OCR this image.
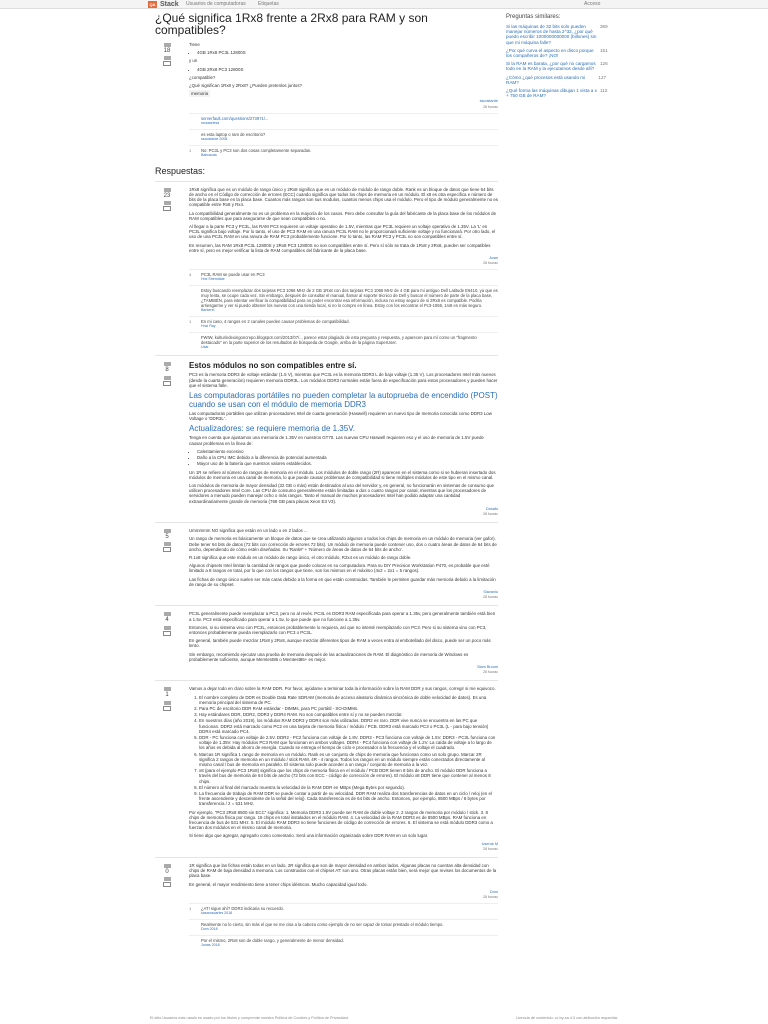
QA Stack Usuarios de computadoras Etiquetas	Acceso
¿Qué significa 1Rx8 frente a 2Rx8 para RAM y son compatibles?
18

Tiene

• 4GB 1Rx8 PC3L 12800S

y un

• 4GB 2Rx8 PC3 12800S

¿compatible?

¿Qué significan 1Rx8 y 2Rx8? ¿Pueden pretenlos juntos?

memoria

sscostarde
28 fuorac
serverfault.com/questions/273971/...
mcsacrlesa
es esta laptop o ram de escritorio?
sscostarde 2008
1 No: PC3L y PC3 son dos cosas completamente separadas.
Balruscas
Respuestas:
23

1Rx8 significa que es un módulo de rango único y 2Rx8 significa que es un módulo de módulo de rango doble. Rank es un bloque de datos que tiene 64 bits de ancho en el Código de corrección de errores (ECC) cuando significa que todos los chips de memoria en un módulo. El x8 es otra especifica e número de bits de la placa base en la placa base. Cuantos más rangos son sus modulos, cuantos menos chips usa el módulo. Pero el tipo de módulo generalmente no es compatible entre Rx8 y Rx4.

La compatibilidad generalmente no es un problema en la mayoría de los casos. Pero debe consultar la guía del fabricante de la placa base de los módulos de RAM compatibles que para asegurarse de que sean compatibles o no.

Al llegar a la parte PC3 y PC3L, las RAM PC3 requieren un voltaje operativo de 1.5V, mientras que PC3L requiere un voltaje operativo de 1.35V. La 'L' en PC3L significa bajo voltaje. Por lo tanto, el uso de PC3 RAM en una ranura PC3L RAM no le proporcionará suficiente voltaje y no funcionará. Por otro lado, el uso de una PC3L RAM en una ranura de RAM PC3 probablemente funcione. Por lo tanto, las RAM PC3 y PC3L no son compatibles entre sí.

En resumen, las RAM 1Rx8 PC3L 12800S y 2Rx8 PC3 12800S no son compatibles entre sí. Pero sí sólo se trata de 1Rx8 y 2Rx8, pueden ser compatibles entre sí, pero es mejor verificar la lista de RAM compatibles del fabricante de la placa base.

Avan
28 fuorac
4 PC3L RAM se puede usar en PC3
Hnz Shemdaie
Estoy buscando reemplazar dos tarjetas PC3 1066 MHz de 2 GB 1Rx8 con dos tarjetas PC3 1066 MHz de 4 GB para mi antiguo Dell Latitude E6410, ya que es muy tenta, se ocupe cada vez. Sin embargo, después de consultar el manual, llamar al soporte técnico de Dell y buscar el número de parte de la placa base, ¿TAMBIÉN, para intentar verificar la compatibilidad para no poder encontrar esa información, incluso no estoy seguro de si 2Rx8 es compatible. Podría arriesgarme y ver si puedo obtener los nuevos con una tienda local, si no lo compro en línea. Estoy con los encontrar el Pc3-1066, 1rx8 es más seguro.
Barkerel
1 En mi caso, 4 rangos en 2 canales pueden causar problemas de compatibilidad.
Hnzi Ray
FWIW, kulturindexingoncrepo.blogspot.com/2013/07/... parece estar plagiado de esta pregunta y respuesta, y aparecen para mí como un "fragmento destacado" en la parte superior de los resultados de búsqueda de Google, arriba de la página SuperUser.
Usar
8	Estos módulos no son compatibles entre sí.

PC3 es la memoria DDR3 de voltaje estándar (1.5 V), mientras que PC3L es la memoria DDR3 L de bajo voltaje (1.35 V). Los procesadores Intel más nuevos (desde la cuarta generación) requieren memoria DDR3L. Los módulos DDR3 normales están fuera de especificación para estos procesadores y pueden hacer que el sistema falle.

Las computadoras portátiles no pueden completar la autoprueba de encendido (POST) cuando se usan con el módulo de memoria DDR3

Las computadoras portátiles que utilizan procesadores Intel de cuarta generación (Haswell) requieren un nuevo tipo de memoria conocida como DDR3 Low Voltage o 'DDR3L'.

Actualizadores: se requiere memoria de 1.35V.

Tenga en cuenta que ajustamos una memoria de 1.35V en nuestros GT70. Las nuevas CPU Haswell requieren eso y el uso de memoria de 1.5V puede causar problemas en la línea de:

• Calentamiento excesivo
• Daño a la CPU IMC debido a la diferencia de potencial aumentada
• Mayor uso de la batería que nuestros valores establecidos.

Un 1R se refiere al número de rangos de memoria en el módulo. Los módulos de doble rango (2R) aparecen en el sistema como si se hubieran insertado dos módulos de memoria en una canal de memoria, lo que puede causar problemas de compatibilidad si tiene múltiples módulos de este tipo en el mismo canal.

Los módulos de memoria de mayor densidad (32 GB o más) están destinados al uso del servidor y, en general, no funcionarán en sistemas de consumo que utilicen procesadores Intel Core. Las CPU de consumo generalmente están limitadas a dos o cuatro rangos por canal, mientras que los procesadores de servidores a menudo pueden manejar ocho o más rangos. Tanto el manual de muchos procesadores Intel han podido adaptar una cantidad extraordinariamente grande de memoria (768 GB para placas Xeon E3 V3).

Dosafu
28 fuorac
5

Ummmmm NO significa que están en un lado o en 2 lados ...

Un rango de memoria es básicamente un bloque de datos que se crea utilizando algunos o todos los chips de memoria en un módulo de memoria (ver gafor). Debe tener 64 bits de datos (72 bits con corrección de errores 72 bits). Un módulo de memoria puede contener uno, dos o cuatro áreas de datos de 64 bits de ancho, dependiendo de cómo estén diseñadas. Su 'Rank#' + 'Número de áreas de datos de 64 bits de ancho'.

R.1x8 significa que este módulo es un módulo de rango único, el otro módulo, R2x4 es un módulo de rango doble.

Algunos chipsets Intel limitan la cantidad de rangos que puede colocar en su computadora. Para su DIY Precision Workstation P470, es probable que esté limitado a 8 rangos en total, por lo que con los rangos que tiene, son los mismos en el máximo (4x2 = 2x1 = 5 rangos).

Las fichas de rango único suelen ser más caras debido a la forma en que están construidas. También le permiten guardar más memoria debido a la limitación de rango de su chipset.

Slavanlu
28 fuorac
4

PC3L generalmente puede reemplazar a PC3, pero no al revés. PC3L es DDR3 RAM especificada para operar a 1.35v, pero generalmente también está bien a 1.5v. PC3 está especificado para operar a 1.5v, lo que puede que no funcione a 1.35v.

Entonces, si su sistema vino con PC3L, entonces probablemente lo requiera, así que no intenté reemplazarlo con PC3. Pero si su sistema vino con PC3, entonces probablemente pueda reemplazarlo con PC3 o PC3L.

En general, también puede mezclar 1Rx8 y 2Rx8, aunque mezclar diferentes tipos de RAM a veces entra al embotellado del disco, puede ser un poco más lento.

Sin embargo, recomiendo ejecutar una prueba de memoria después de las actualizaciones de RAM. El diagnóstico de memoria de Windows es probablemente suficiente, aunque Memtest86 o Memtest86+ es mejor.

Slam Broom
28 fuorac
1

Vamos a dejar todo en claro sobre la RAM DDR. Por favor, ayúdame a terminar toda la información sobre la RAM DDR y sus rangos, corregir si me equivoco.

1. El nombre completo de DDR es Double Data Rate SDRAM (memoria de acceso aleatorio dinámica sincrónica de doble velocidad de datos). Es una memoria principal del sistema de PC.
2. Para PC de escritorio DDR RAM estándar - DIMMs, para PC portátil - SO-DIMMs.
3. Hay estándares DDR, DDR2, DDR3 y DDR4 RAM. No son compatibles entre sí y no se pueden mezclar.
4. En nuestros días (año 2019), los módulos RAM DDR3 y DDR4 son más utilizados. DDR2 es raro. DDR vive nunca se encuentra en las PC que funcionan. DDR2 está marcado como PC2 en una tarjeta de memoria física / módulo / PCB. DDR3 está marcado PC3 o PC3L (L - para bajo tensión) DDR4 está marcado PC4.
5. DDR - PC funciona con voltaje de 2.5V. DDR2 - PC2 funciona con voltaje de 1.8V. DDR3 - PC3 funciona con voltaje de 1.5V. DDR3 - PC3L funciona con voltaje de 1.35V. Hay módulos PC3 RAM que funcionan en ambos voltajes. DDR4 - PC4 funciona con voltaje de 1.2V. La caída de voltaje a lo largo de los años es debida al ahorro de energía. Cuando se entrega el tiempo de ciclo e procesador a la frecuencia y el voltaje el cuadrado.
6. Marcas 1R significa 1 rango de memoria en un módulo. Rank es un conjunto de chips de memoria que funcionan como un solo grupo. Marcar 2R significa 2 rangos de memoria en un módulo / stick RAM. 4R - 4 rangos. Todos los rangos en un módulo siempre están conectados directamente al mismo canal / bus de memoria en paralelo. El sistema solo puede acceder a un rango / conjunto de memoria a la vez.
7. x8 (para el ejemplo PC3 1Rx8) significa que los chips de memoria física en el módulo / PCB DDR tienen 8 bits de ancho. El módulo DDR funciona a través del bus de memoria de 64 bits de ancho (72 bits con ECC - código de corrección de errores). El módulo x8 DDR tiene que contener al menos 8 chips.
8. El número al final del marcado muestra la velocidad de la RAM DDR en MBps (Mega Bytes por segundo).
9. La frecuencia de trabajo de RAM DDR se puede contar a partir de su velocidad. DDR RAM realiza dos transferencias de datos en un ciclo / reloj (en el frente ascendente y descendente de la señal del reloj). Cada transferencia es de 64 bits de ancho. Entonces, por ejemplo, 8500 MBps / 8 bytes por transferencia / 2 = 531 MHz.

Por ejemplo, "PC3 2Rx8 8500 sin ECC" significa: 1. Memoria DDR3 1.5V puede ser RAM de doble voltaje 2. 2 rangos de memoria por módulo / stick. 3. 8 chips de memoria física por rango. 16 chips en total instalados en el módulo RAM. 4. La velocidad de la RAM DDR3 es de 8500 MBps. RAM funciona en frecuencia de bus de 531 MHz. 5. El módulo RAM DDR3 no tiene funciones de código de corrección de errores. 6. El sistema se está módulo DDR3 como a fuerzan dos módulos en el mismo canal de memoria.

Si tiene algo que agregar, agregarlo como comentario. Será una información organizada sobre DDR RAM en un solo lugar.

Userok M
28 fuorac
0

1R significa que las fichas están todas en un lado, 2R significa que son de mayor densidad en ambos lados. Algunas placas no cuentan alta densidad con chips de RAM de baja densidad a memoria. Los construidos con el chipset AT: son uno. Otras placas están bien, será mejor que revises los documentos de la placa base.

En general, el mayor rendimiento tiene a tener chips idénticos. Mucho capacidad igual todo.

Dom
28 fuorac
1 ¿AT! sigue ahí? DDR3 indicaria su recuerdo.
kasaroscarles 2018
Realmente no lo cierto, sin más el que se me cisa a la cabeza como ejemplo de no ser capaz de tomar prestado el módulo tiempo.
Dom 2018
Por el mismo, 2Rx8 son de doble rango, y generalmente de menor densidad.
Jonas 2018
Preguntas similares:
Si las máquinas de 32 bits solo pueden manejar números de hasta 2^32, ¿por qué puedo escribir 1000000000000 (billones) sin que mi máquina falle?
369
¿Por qué curva el aspecto en disco porque los compañeros de? ¡NO!
151
Si la RAM es barata, ¿por qué no cargamos todo en la RAM y la ejecutamos desde allí?
126
¿Cómo ¿qué procesos está usando mi RAM?
127
¿Qué forma las máquinas dibujan 1 vista a x + 750 GB de RAM?
112
El sitio Usuarios más usado es usado por los títulos y comprende nuestra Política de Cookies y Política de Privacidad.	Licencia de contenido: cc by-sa 4.0 con atribución requerida.
